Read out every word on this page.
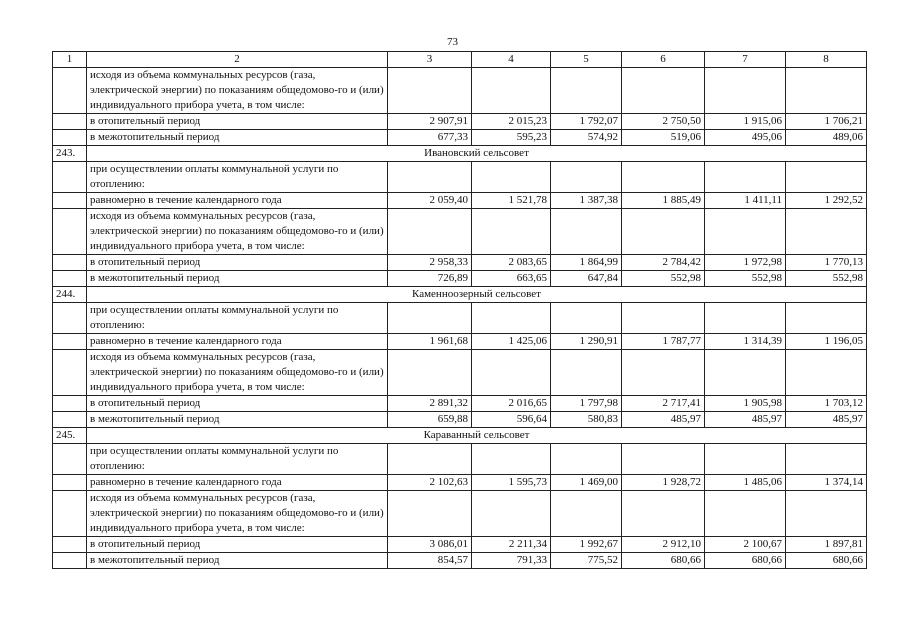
73
1	2	3	4	5	6	7	8
	исходя из объема коммунальных ресурсов (газа, электрической энергии) по показаниям общедомово-го и (или) индивидуального прибора учета, в том числе:						
	в отопительный период	2 907,91	2 015,23	1 792,07	2 750,50	1 915,06	1 706,21
	в межотопительный период	677,33	595,23	574,92	519,06	495,06	489,06
243.	Ивановский сельсовет						
	при осуществлении оплаты коммунальной услуги по отоплению:						
	равномерно в течение календарного года	2 059,40	1 521,78	1 387,38	1 885,49	1 411,11	1 292,52
	исходя из объема коммунальных ресурсов (газа, электрической энергии) по показаниям общедомово-го и (или) индивидуального прибора учета, в том числе:						
	в отопительный период	2 958,33	2 083,65	1 864,99	2 784,42	1 972,98	1 770,13
	в межотопительный период	726,89	663,65	647,84	552,98	552,98	552,98
244.	Каменноозерный сельсовет						
	при осуществлении оплаты коммунальной услуги по отоплению:						
	равномерно в течение календарного года	1 961,68	1 425,06	1 290,91	1 787,77	1 314,39	1 196,05
	исходя из объема коммунальных ресурсов (газа, электрической энергии) по показаниям общедомово-го и (или) индивидуального прибора учета, в том числе:						
	в отопительный период	2 891,32	2 016,65	1 797,98	2 717,41	1 905,98	1 703,12
	в межотопительный период	659,88	596,64	580,83	485,97	485,97	485,97
245.	Караванный сельсовет						
	при осуществлении оплаты коммунальной услуги по отоплению:						
	равномерно в течение календарного года	2 102,63	1 595,73	1 469,00	1 928,72	1 485,06	1 374,14
	исходя из объема коммунальных ресурсов (газа, электрической энергии) по показаниям общедомово-го и (или) индивидуального прибора учета, в том числе:						
	в отопительный период	3 086,01	2 211,34	1 992,67	2 912,10	2 100,67	1 897,81
	в межотопительный период	854,57	791,33	775,52	680,66	680,66	680,66
